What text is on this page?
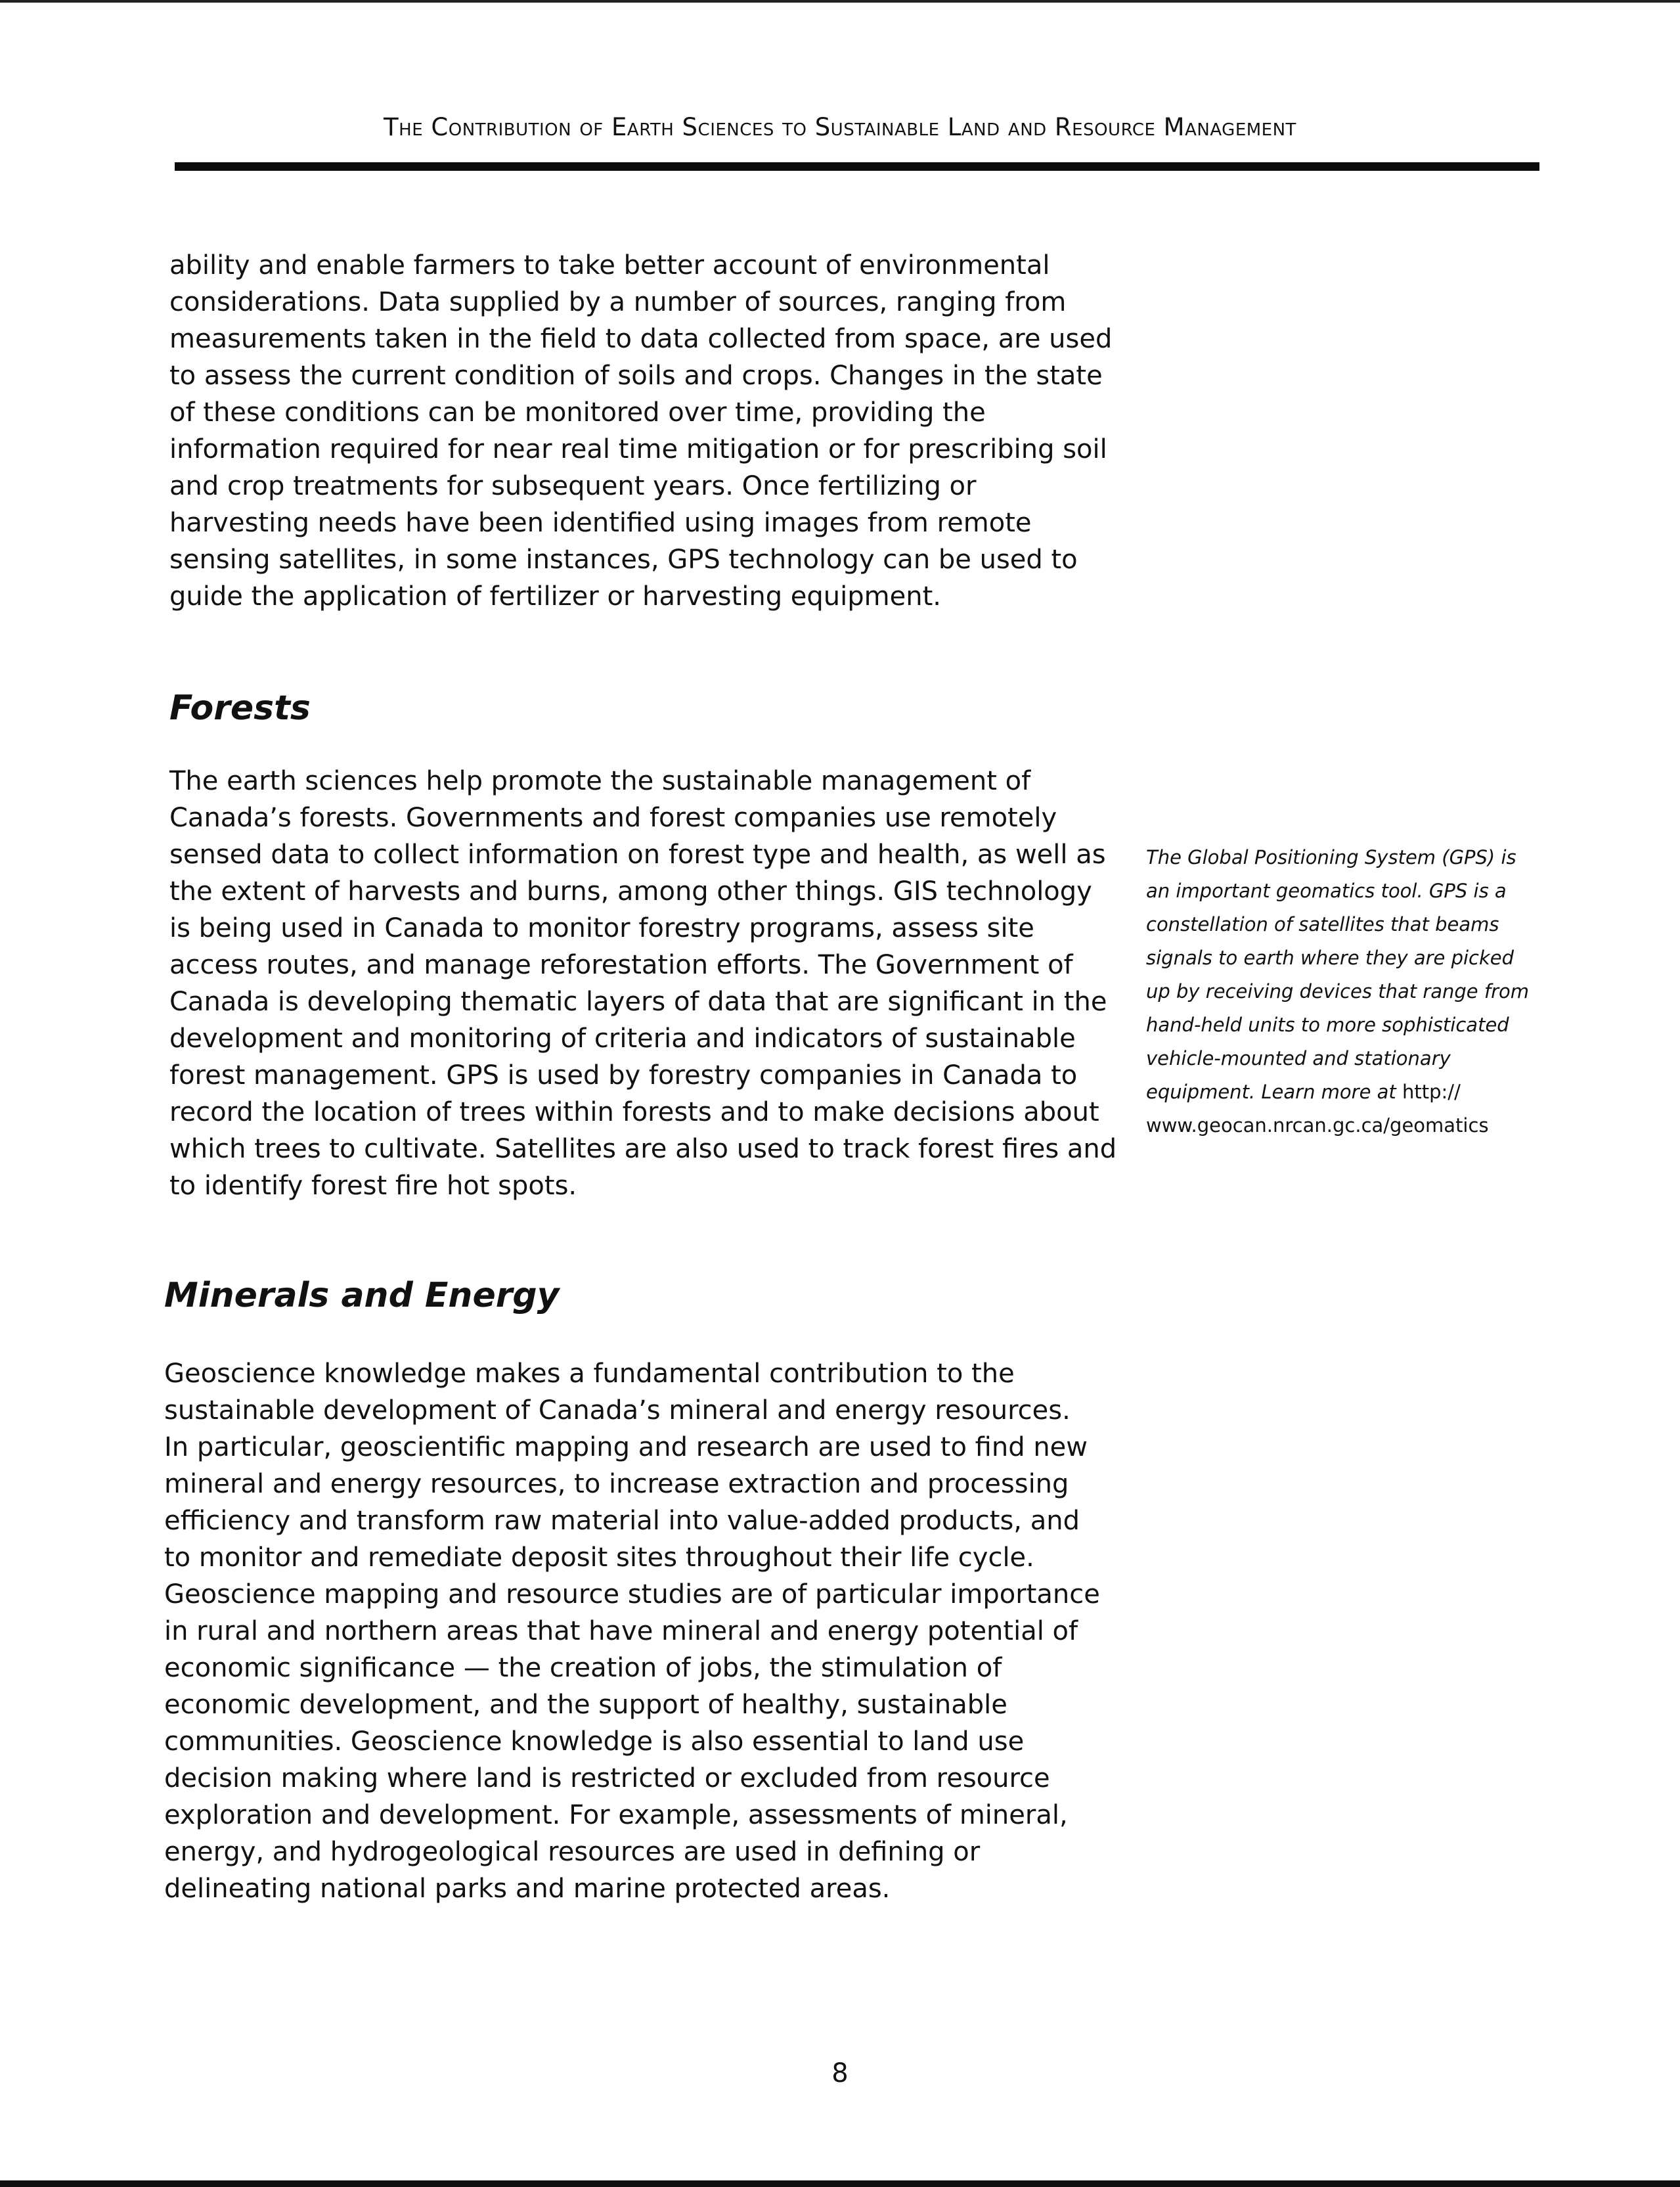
The Contribution of Earth Sciences to Sustainable Land and Resource Management
ability and enable farmers to take better account of environmental
considerations. Data supplied by a number of sources, ranging from
measurements taken in the field to data collected from space, are used
to assess the current condition of soils and crops. Changes in the state
of these conditions can be monitored over time, providing the
information required for near real time mitigation or for prescribing soil
and crop treatments for subsequent years. Once fertilizing or
harvesting needs have been identified using images from remote
sensing satellites, in some instances, GPS technology can be used to
guide the application of fertilizer or harvesting equipment.
Forests
The earth sciences help promote the sustainable management of
Canada’s forests. Governments and forest companies use remotely
sensed data to collect information on forest type and health, as well as
the extent of harvests and burns, among other things. GIS technology
is being used in Canada to monitor forestry programs, assess site
access routes, and manage reforestation efforts. The Government of
Canada is developing thematic layers of data that are significant in the
development and monitoring of criteria and indicators of sustainable
forest management. GPS is used by forestry companies in Canada to
record the location of trees within forests and to make decisions about
which trees to cultivate. Satellites are also used to track forest fires and
to identify forest fire hot spots.
The Global Positioning System (GPS) is
an important geomatics tool. GPS is a
constellation of satellites that beams
signals to earth where they are picked
up by receiving devices that range from
hand-held units to more sophisticated
vehicle-mounted and stationary
equipment. Learn more at http://
www.geocan.nrcan.gc.ca/geomatics
Minerals and Energy
Geoscience knowledge makes a fundamental contribution to the
sustainable development of Canada’s mineral and energy resources.
In particular, geoscientific mapping and research are used to find new
mineral and energy resources, to increase extraction and processing
efficiency and transform raw material into value-added products, and
to monitor and remediate deposit sites throughout their life cycle.
Geoscience mapping and resource studies are of particular importance
in rural and northern areas that have mineral and energy potential of
economic significance — the creation of jobs, the stimulation of
economic development, and the support of healthy, sustainable
communities. Geoscience knowledge is also essential to land use
decision making where land is restricted or excluded from resource
exploration and development. For example, assessments of mineral,
energy, and hydrogeological resources are used in defining or
delineating national parks and marine protected areas.
8
